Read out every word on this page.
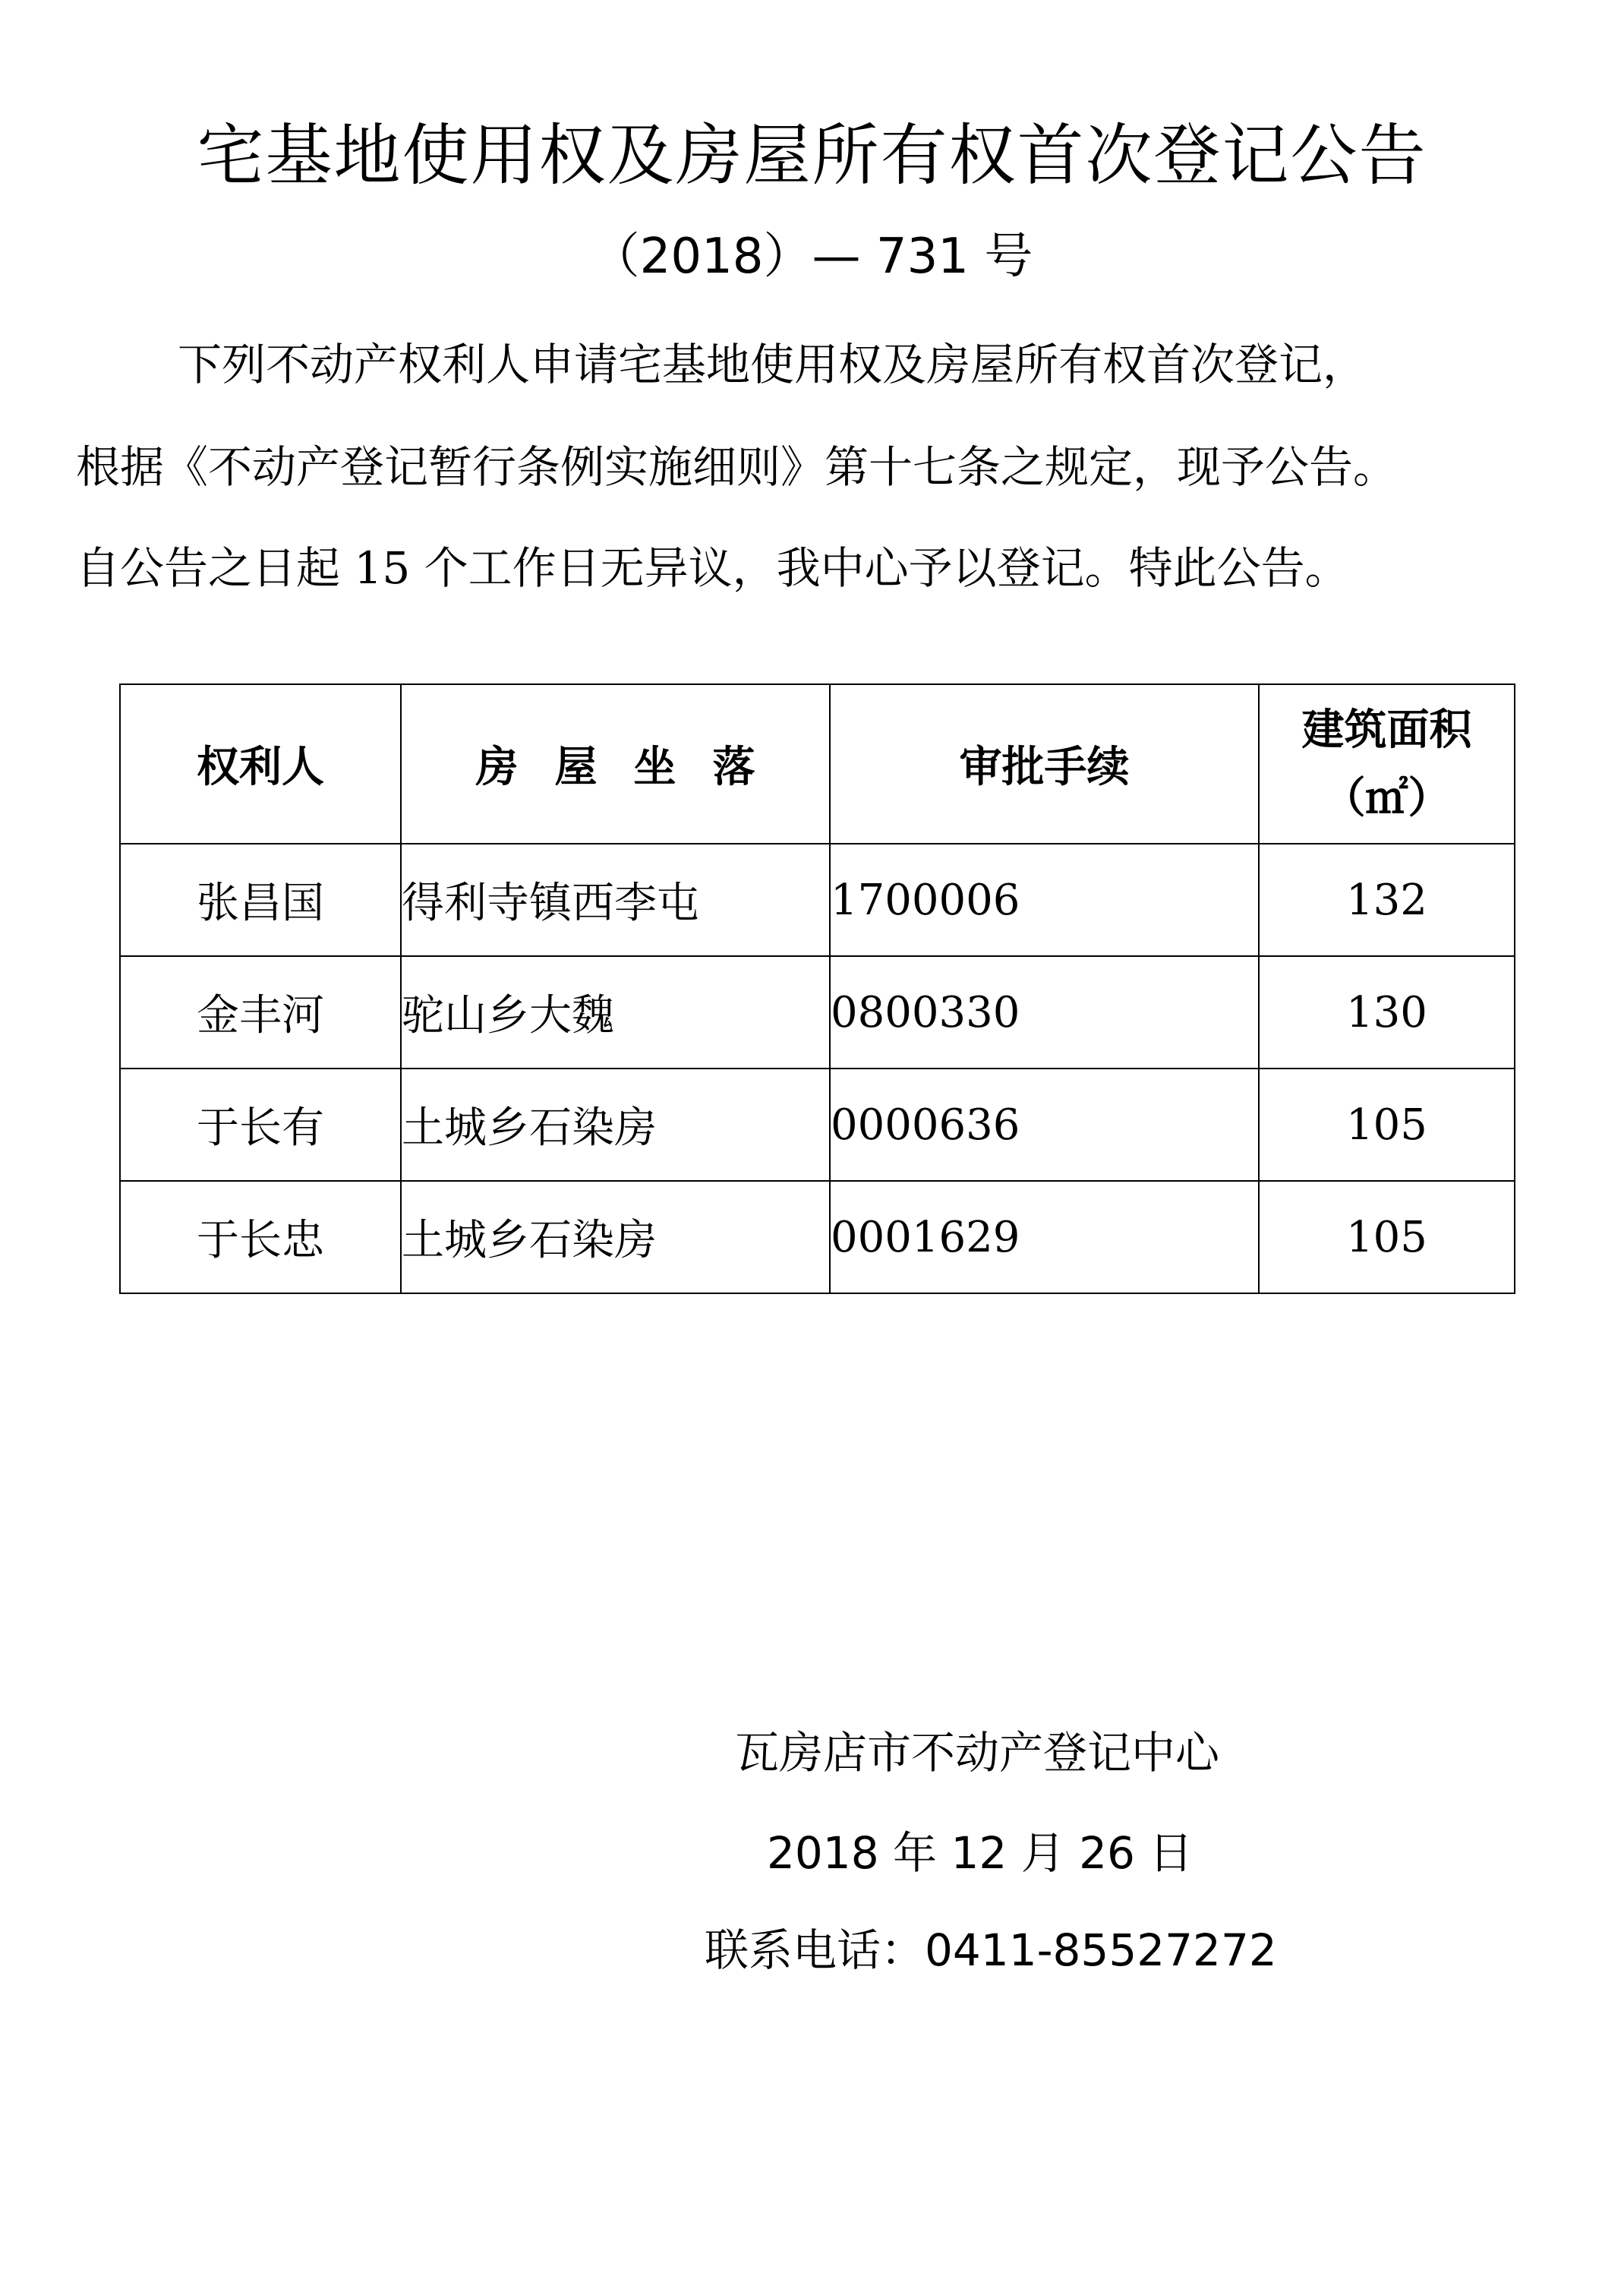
宅基地使用权及房屋所有权首次登记公告
（2018）— 731 号
下列不动产权利人申请宅基地使用权及房屋所有权首次登记，
根据《不动产登记暂行条例实施细则》第十七条之规定，现予公告。
自公告之日起 15 个工作日无异议，我中心予以登记。特此公告。
权利人	房屋坐落	审批手续	建筑面积
（㎡）

张昌国	得利寺镇西李屯	1700006	132
金丰河	驼山乡大魏	0800330	130
于长有	土城乡石染房	0000636	105
于长忠	土城乡石染房	0001629	105
瓦房店市不动产登记中心
2018 年 12 月 26 日
联系电话：0411-85527272
